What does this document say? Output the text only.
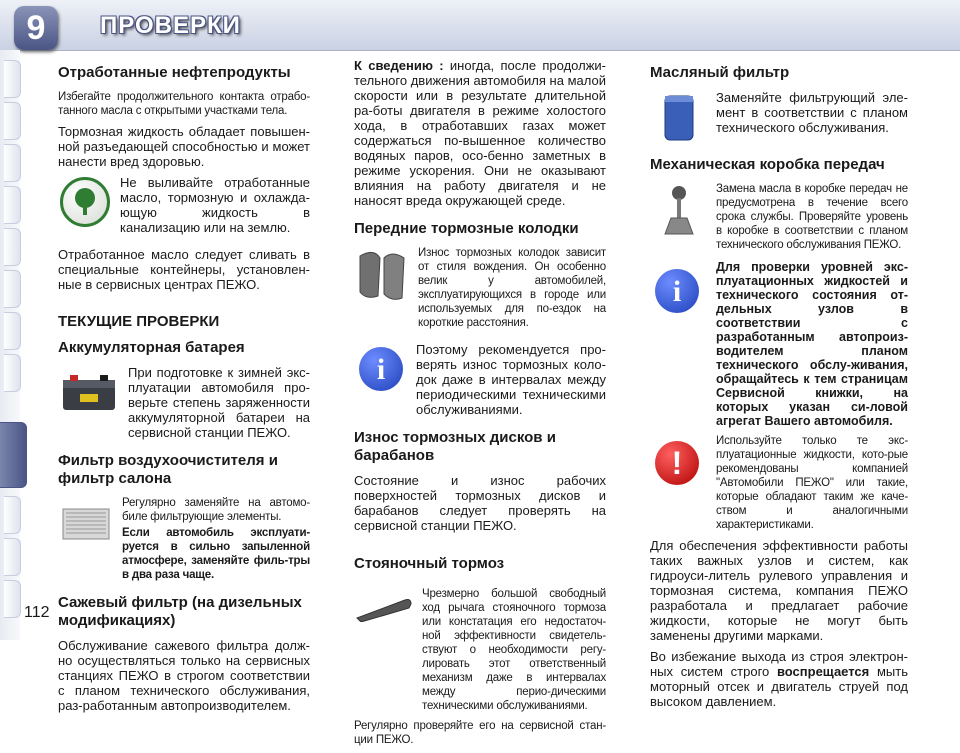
9	ПРОВЕРКИ
112
Отработанные нефтепродукты

Избегайте продолжительного контакта отрабо-танного масла с открытыми участками тела.

Тормозная жидкость обладает повышен-ной разъедающей способностью и может нанести вред здоровью.

Не выливайте отработанные масло, тормозную и охлажда-ющую жидкость в канализацию или на землю.

Отработанное масло следует сливать в специальные контейнеры, установлен-ные в сервисных центрах ПЕЖО.

ТЕКУЩИЕ ПРОВЕРКИ
Аккумуляторная батарея

При подготовке к зимней экс-плуатации автомобиля про-верьте степень заряженности аккумуляторной батареи на сервисной станции ПЕЖО.

Фильтр воздухоочистителя и фильтр салона

Регулярно заменяйте на автомо-биле фильтрующие элементы.

Если автомобиль эксплуати-руется в сильно запыленной атмосфере, заменяйте филь-тры в два раза чаще.

Сажевый фильтр (на дизельных модификациях)

Обслуживание сажевого фильтра долж-но осуществляться только на сервисных станциях ПЕЖО в строгом соответствии с планом технического обслуживания, раз-работанным автопроизводителем.

К сведению : иногда, после продолжи-тельного движения автомобиля на малой скорости или в результате длительной ра-боты двигателя в режиме холостого хода, в отработавших газах может содержаться по-вышенное количество водяных паров, осо-бенно заметных в режиме ускорения. Они не оказывают влияния на работу двигателя и не наносят вреда окружающей среде.

Передние тормозные колодки

Износ тормозных колодок зависит от стиля вождения. Он особенно велик у автомобилей, эксплуатирующихся в городе или используемых для по-ездок на короткие расстояния.

i

Поэтому рекомендуется про-верять износ тормозных коло-док даже в интервалах между периодическими техническими обслуживаниями.

Износ тормозных дисков и барабанов

Состояние и износ рабочих поверхностей тормозных дисков и барабанов следует проверять на сервисной станции ПЕЖО.

Стояночный тормоз

Чрезмерно большой свободный ход рычага стояночного тормоза или констатация его недостаточ-ной эффективности свидетель-ствуют о необходимости регу-лировать этот ответственный механизм даже в интервалах между перио-дическими техническими обслуживаниями.

Регулярно проверяйте его на сервисной стан-ции ПЕЖО.

Масляный фильтр

Заменяйте фильтрующий эле-мент в соответствии с планом технического обслуживания.

Механическая коробка передач

Замена масла в коробке передач не предусмотрена в течение всего срока службы. Проверяйте уровень в коробке в соответствии с планом технического обслуживания ПЕЖО.

i

Для проверки уровней экс-плуатационных жидкостей и технического состояния от-дельных узлов в соответствии с разработанным автопроиз-водителем планом технического обслу-живания, обращайтесь к тем страницам Сервисной книжки, на которых указан си-ловой агрегат Вашего автомобиля.

!

Используйте только те экс-плуатационные жидкости, кото-рые рекомендованы компанией "Автомобили ПЕЖО" или такие, которые обладают таким же каче-ством и аналогичными характеристиками.

Для обеспечения эффективности работы таких важных узлов и систем, как гидроуси-литель рулевого управления и тормозная система, компания ПЕЖО разработала и предлагает рабочие жидкости, которые не могут быть заменены другими марками.

Во избежание выхода из строя электрон-ных систем строго воспрещается мыть моторный отсек и двигатель струей под высоком давлением.
